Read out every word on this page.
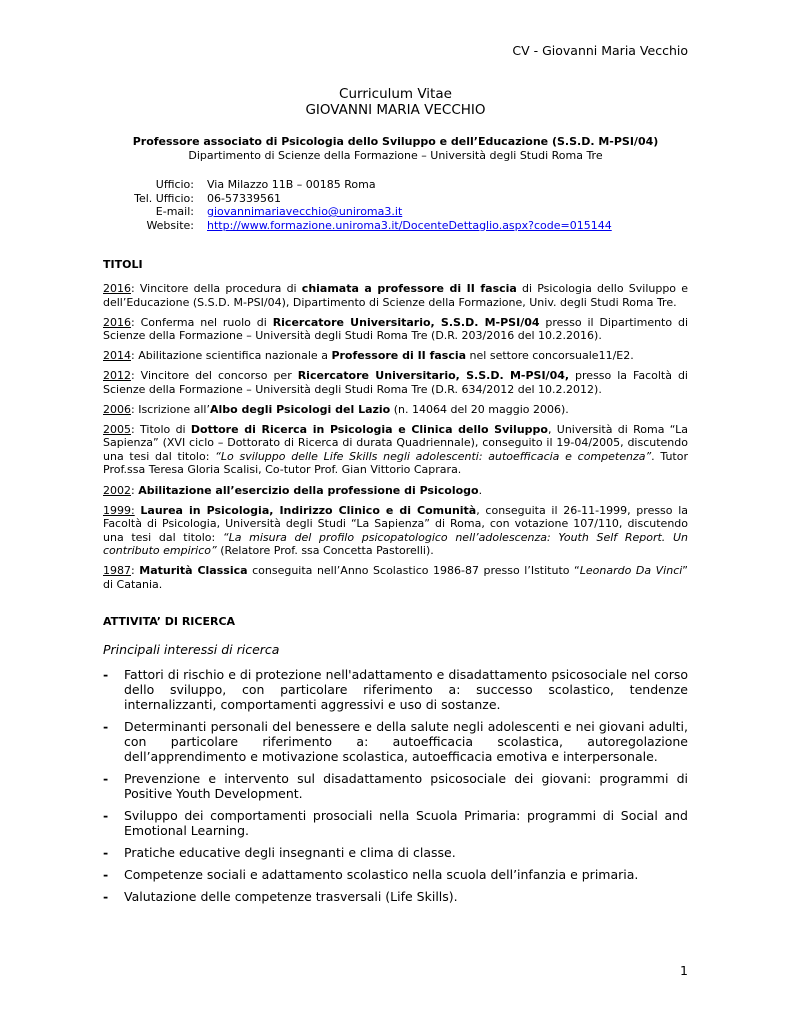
CV - Giovanni Maria Vecchio
Curriculum Vitae
GIOVANNI MARIA VECCHIO
Professore associato di Psicologia dello Sviluppo e dell’Educazione (S.S.D. M-PSI/04)
Dipartimento di Scienze della Formazione – Università degli Studi Roma Tre
Ufficio:	Via Milazzo 11B – 00185 Roma
Tel. Ufficio:	06-57339561
E-mail:	giovannimariavecchio@uniroma3.it
Website:	http://www.formazione.uniroma3.it/DocenteDettaglio.aspx?code=015144
TITOLI
2016: Vincitore della procedura di chiamata a professore di II fascia di Psicologia dello Sviluppo e dell’Educazione (S.S.D. M-PSI/04), Dipartimento di Scienze della Formazione, Univ. degli Studi Roma Tre.
2016: Conferma nel ruolo di Ricercatore Universitario, S.S.D. M-PSI/04 presso il Dipartimento di Scienze della Formazione – Università degli Studi Roma Tre (D.R. 203/2016 del 10.2.2016).
2014: Abilitazione scientifica nazionale a Professore di II fascia nel settore concorsuale11/E2.
2012: Vincitore del concorso per Ricercatore Universitario, S.S.D. M-PSI/04, presso la Facoltà di Scienze della Formazione – Università degli Studi Roma Tre (D.R. 634/2012 del 10.2.2012).
2006: Iscrizione all’Albo degli Psicologi del Lazio (n. 14064 del 20 maggio 2006).
2005: Titolo di Dottore di Ricerca in Psicologia e Clinica dello Sviluppo, Università di Roma “La Sapienza” (XVI ciclo – Dottorato di Ricerca di durata Quadriennale), conseguito il 19-04/2005, discutendo una tesi dal titolo: “Lo sviluppo delle Life Skills negli adolescenti: autoefficacia e competenza”. Tutor Prof.ssa Teresa Gloria Scalisi, Co-tutor Prof. Gian Vittorio Caprara.
2002: Abilitazione all’esercizio della professione di Psicologo.
1999: Laurea in Psicologia, Indirizzo Clinico e di Comunità, conseguita il 26-11-1999, presso la Facoltà di Psicologia, Università degli Studi “La Sapienza” di Roma, con votazione 107/110, discutendo una tesi dal titolo: “La misura del profilo psicopatologico nell’adolescenza: Youth Self Report. Un contributo empirico” (Relatore Prof. ssa Concetta Pastorelli).
1987: Maturità Classica conseguita nell’Anno Scolastico 1986-87 presso l’Istituto “Leonardo Da Vinci” di Catania.
ATTIVITA’ DI RICERCA
Principali interessi di ricerca
-	Fattori di rischio e di protezione nell'adattamento e disadattamento psicosociale nel corso dello sviluppo, con particolare riferimento a: successo scolastico, tendenze internalizzanti, comportamenti aggressivi e uso di sostanze.
-	Determinanti personali del benessere e della salute negli adolescenti e nei giovani adulti, con particolare riferimento a: autoefficacia scolastica, autoregolazione dell’apprendimento e motivazione scolastica, autoefficacia emotiva e interpersonale.
-	Prevenzione e intervento sul disadattamento psicosociale dei giovani: programmi di Positive Youth Development.
-	Sviluppo dei comportamenti prosociali nella Scuola Primaria: programmi di Social and Emotional Learning.
-	Pratiche educative degli insegnanti e clima di classe.
-	Competenze sociali e adattamento scolastico nella scuola dell’infanzia e primaria.
-	Valutazione delle competenze trasversali (Life Skills).
1
